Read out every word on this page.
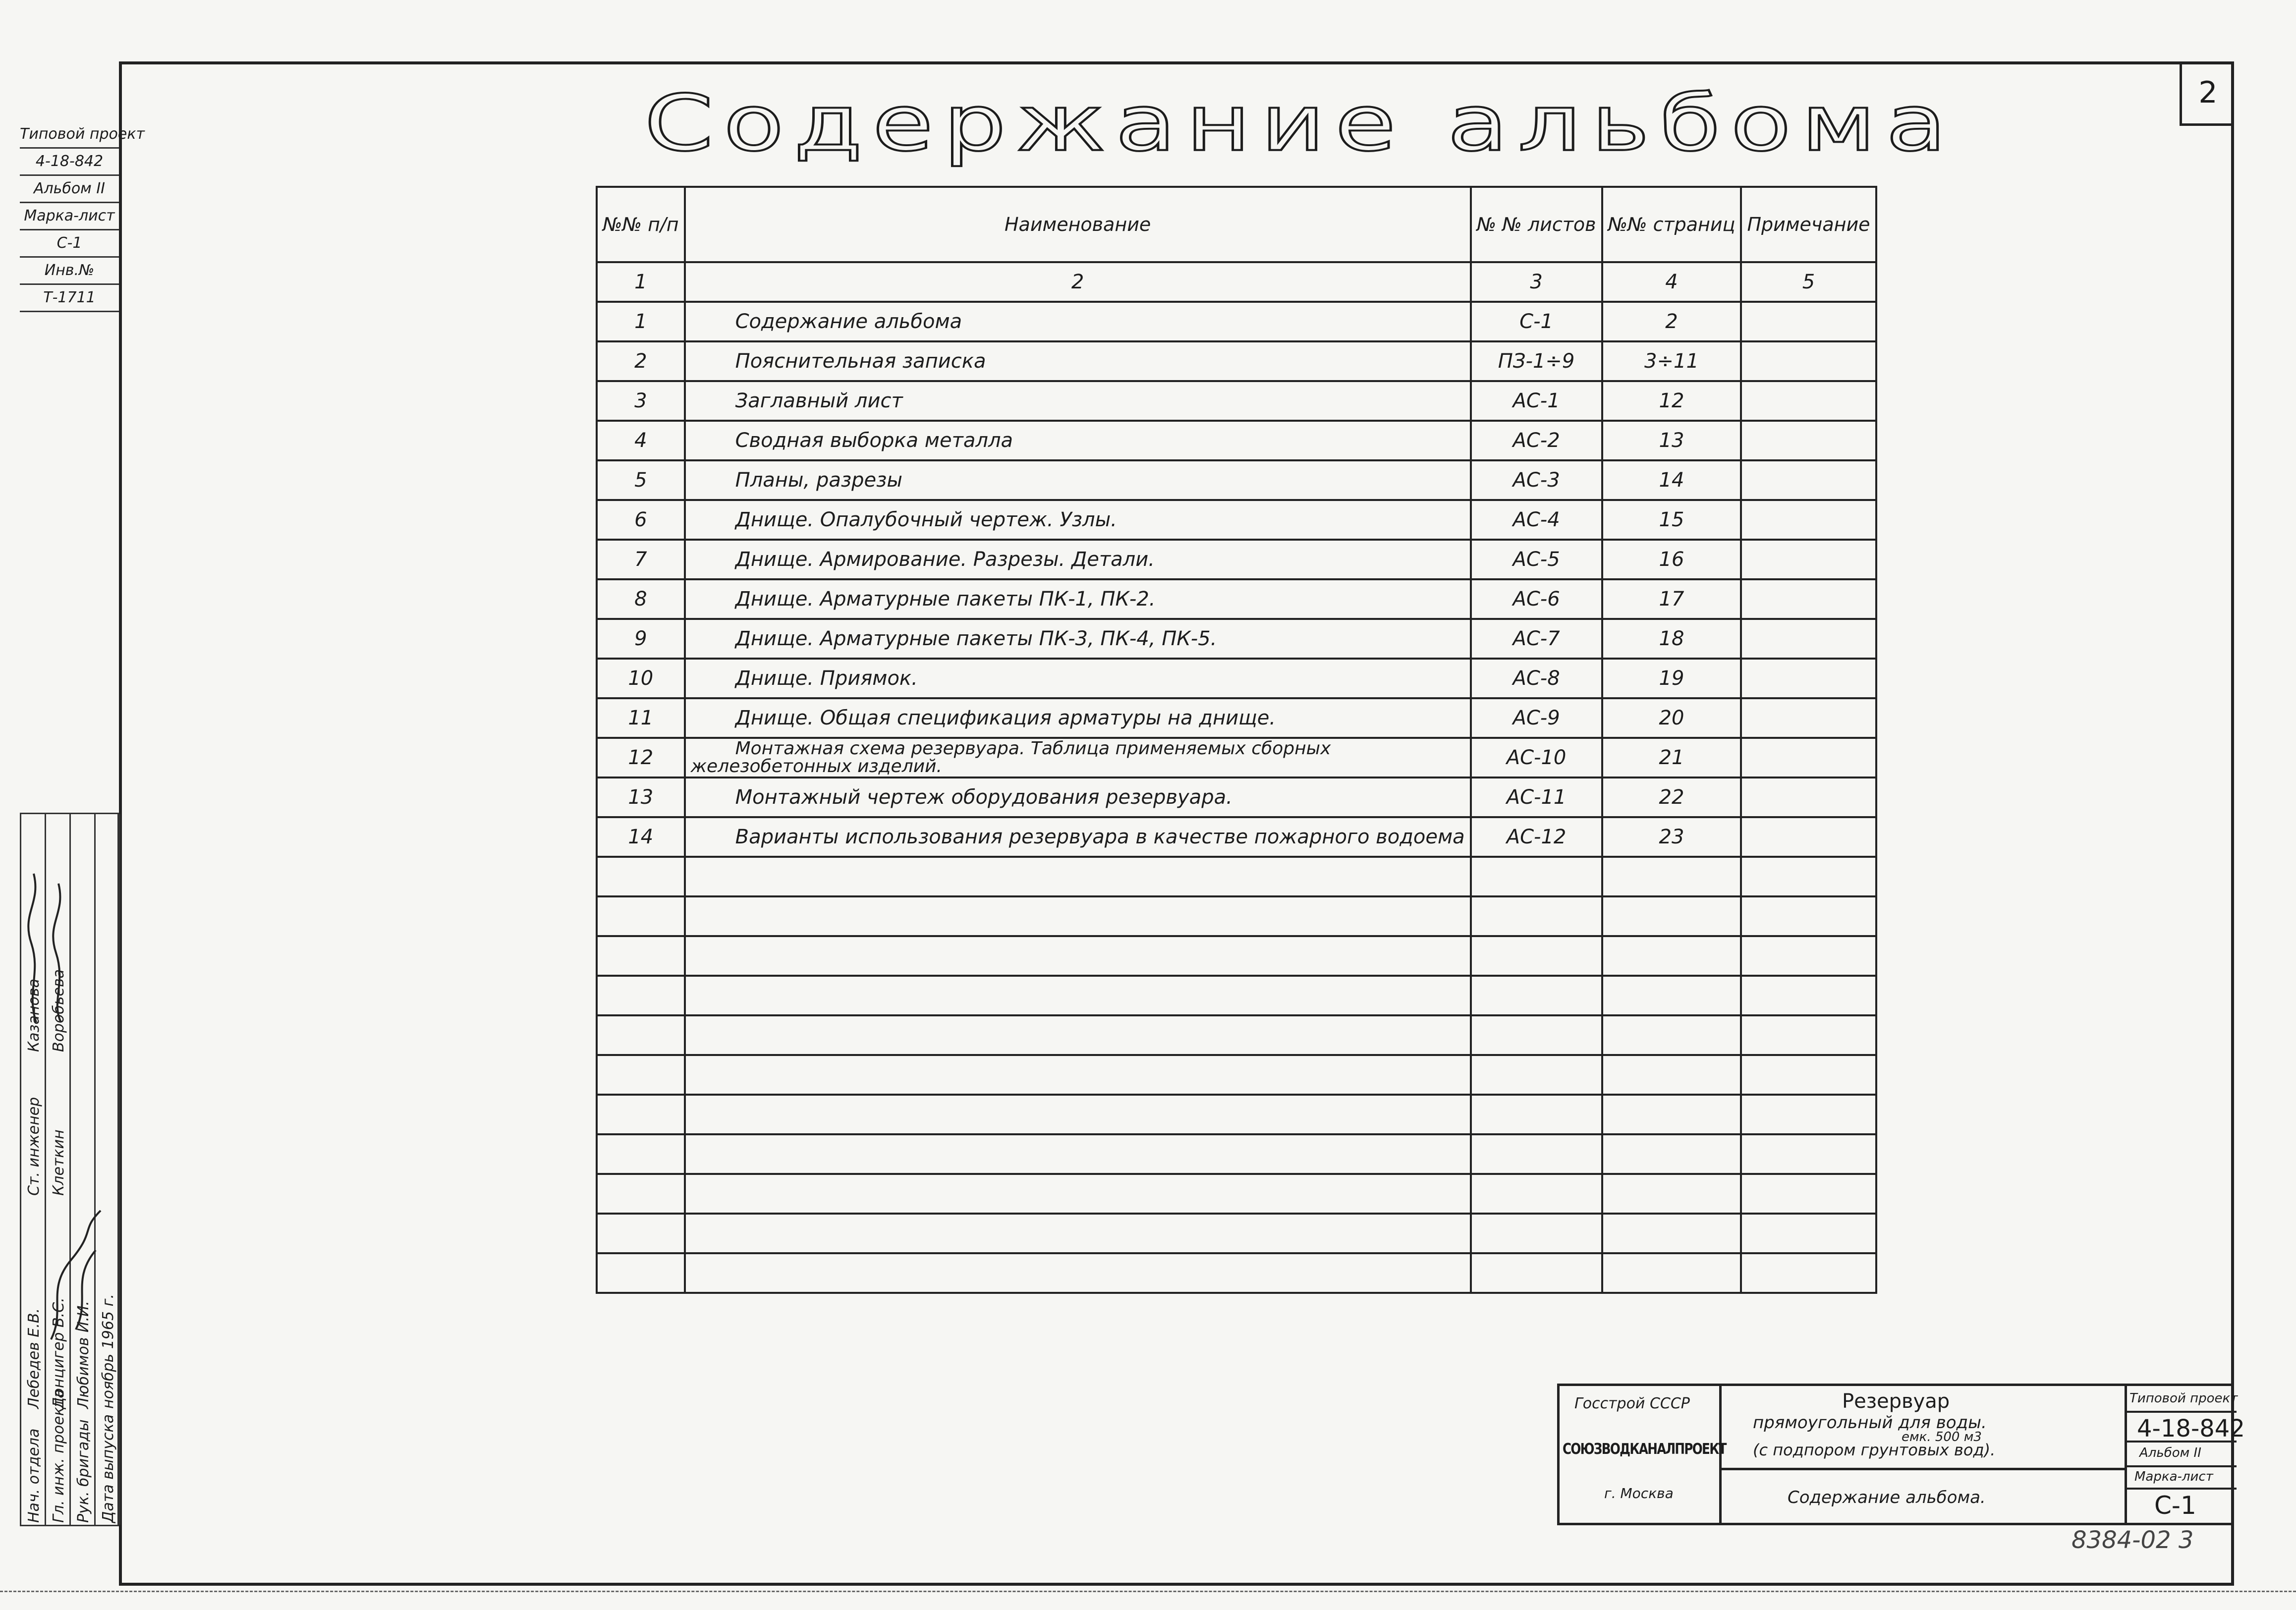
2
Содержание альбома
№№ п/п	Наименование	№ № листов	№№ страниц	Примечание
1	2	3	4	5
1	Содержание альбома	С-1	2	
2	Пояснительная записка	ПЗ-1÷9	3÷11	
3	Заглавный лист	АС-1	12	
4	Сводная выборка металла	АС-2	13	
5	Планы, разрезы	АС-3	14	
6	Днище. Опалубочный чертеж. Узлы.	АС-4	15	
7	Днище. Армирование. Разрезы. Детали.	АС-5	16	
8	Днище. Арматурные пакеты ПК-1, ПК-2.	АС-6	17	
9	Днище. Арматурные пакеты ПК-3, ПК-4, ПК-5.	АС-7	18	
10	Днище. Приямок.	АС-8	19	
11	Днище. Общая спецификация арматуры на днище.	АС-9	20	
12	Монтажная схема резервуара. Таблица применяемых сборных железобетонных изделий.	АС-10	21	
13	Монтажный чертеж оборудования резервуара.	АС-11	22	
14	Варианты использования резервуара в качестве пожарного водоема	АС-12	23	

Типовой проект
4-18-842
Альбом II
Марка-лист
С-1
Инв.№
Т-1711
Нач. отдела Гл. инж. проекта Рук. бригады Дата выпуска
Лебедев Е.В. Донцигер В.С. Любимов И.И. ноябрь 1965 г.
Ст. инженер
Казанова Воробьева
Клеткин
Госстрой СССР
СОЮЗВОДКАНАЛПРОЕКТ
г. Москва
Резервуар
прямоугольный для воды.
емк. 500 м3
(с подпором грунтовых вод).
Содержание альбома.
Типовой проект
4-18-842
Альбом II
Марка-лист
С-1
8384-02 3
